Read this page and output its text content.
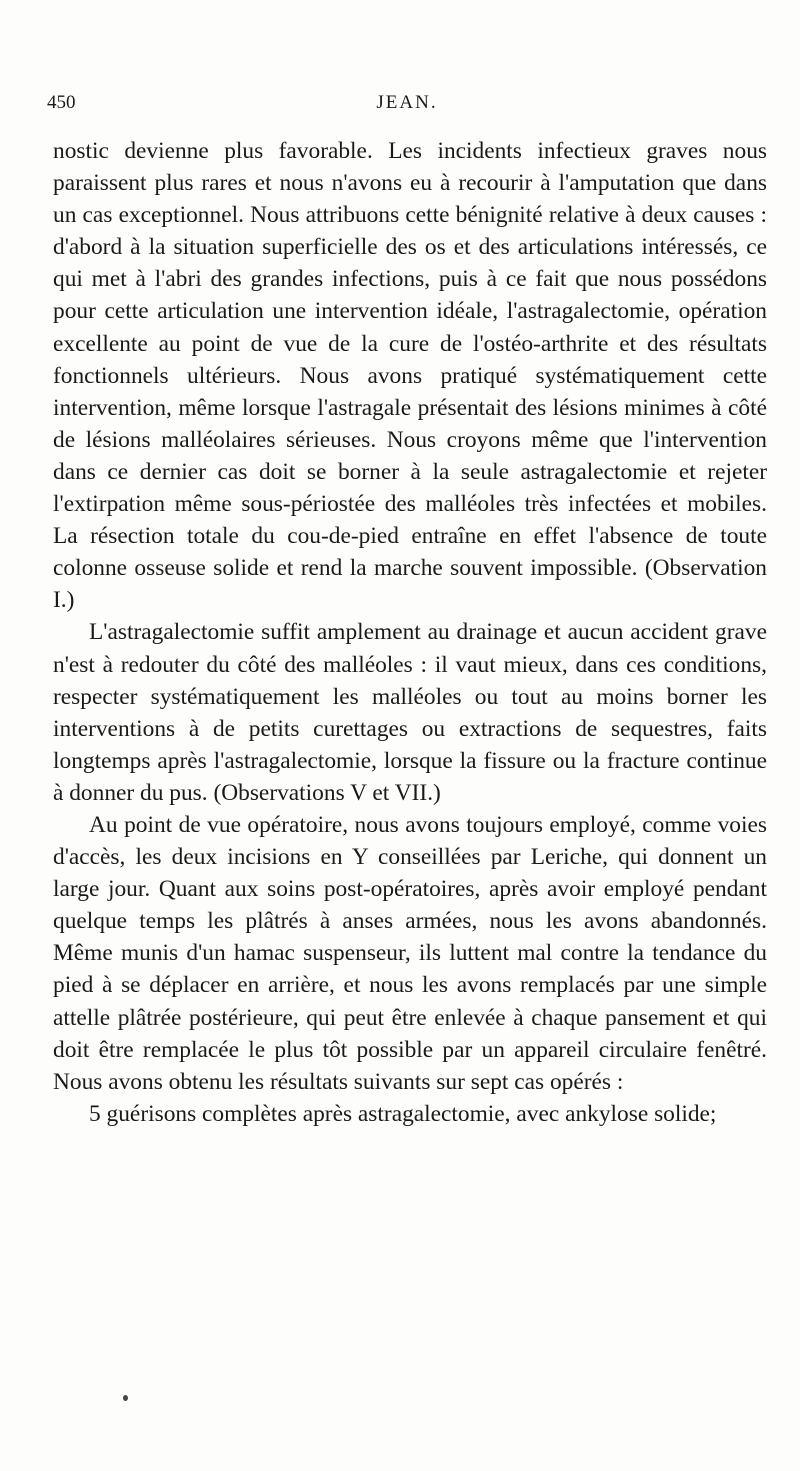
450	JEAN.

nostic devienne plus favorable. Les incidents infectieux graves nous paraissent plus rares et nous n'avons eu à recourir à l'amputation que dans un cas exceptionnel. Nous attribuons cette bénignité relative à deux causes : d'abord à la situation superficielle des os et des articulations intéressés, ce qui met à l'abri des grandes infections, puis à ce fait que nous possédons pour cette articulation une intervention idéale, l'astragalectomie, opération excellente au point de vue de la cure de l'ostéo-arthrite et des résultats fonctionnels ultérieurs. Nous avons pratiqué systématiquement cette intervention, même lorsque l'astragale présentait des lésions minimes à côté de lésions malléolaires sérieuses. Nous croyons même que l'intervention dans ce dernier cas doit se borner à la seule astragalectomie et rejeter l'extirpation même sous-périostée des malléoles très infectées et mobiles. La résection totale du cou-de-pied entraîne en effet l'absence de toute colonne osseuse solide et rend la marche souvent impossible. (Observation I.)

L'astragalectomie suffit amplement au drainage et aucun accident grave n'est à redouter du côté des malléoles : il vaut mieux, dans ces conditions, respecter systématiquement les malléoles ou tout au moins borner les interventions à de petits curettages ou extractions de sequestres, faits longtemps après l'astragalectomie, lorsque la fissure ou la fracture continue à donner du pus. (Observations V et VII.)

Au point de vue opératoire, nous avons toujours employé, comme voies d'accès, les deux incisions en Y conseillées par Leriche, qui donnent un large jour. Quant aux soins post-opératoires, après avoir employé pendant quelque temps les plâtrés à anses armées, nous les avons abandonnés. Même munis d'un hamac suspenseur, ils luttent mal contre la tendance du pied à se déplacer en arrière, et nous les avons remplacés par une simple attelle plâtrée postérieure, qui peut être enlevée à chaque pansement et qui doit être remplacée le plus tôt possible par un appareil circulaire fenêtré. Nous avons obtenu les résultats suivants sur sept cas opérés :

5 guérisons complètes après astragalectomie, avec ankylose solide;
